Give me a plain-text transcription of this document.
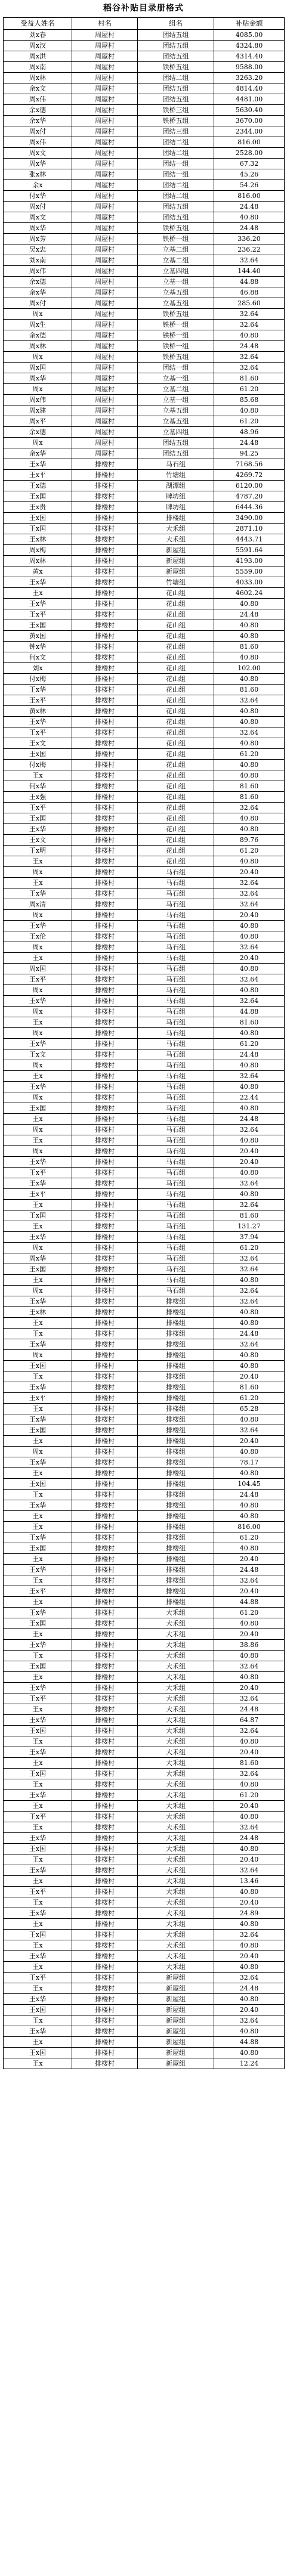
稻谷补贴目录册格式
受益人姓名	村名	组名	补贴金额
刘x春	周屋村	团结五组	4085.00
周x汉	周屋村	团结五组	4324.80
周x洪	周屋村	团结五组	4314.40
周x南	周屋村	铁桥五组	9588.00
周x林	周屋村	团结二组	3263.20
余x文	周屋村	团结五组	4814.40
周x伟	周屋村	团结五组	4481.00
余x德	周屋村	铁桥三组	5630.40
余x华	周屋村	铁桥五组	3670.00
周x付	周屋村	团结三组	2344.00
周x伟	周屋村	团结二组	816.00
周x文	周屋村	团结二组	2528.00
周x华	周屋村	团结一组	67.32
张x林	周屋村	团结一组	45.26
余x	周屋村	团结二组	54.26
付x华	周屋村	团结二组	816.00
周x付	周屋村	团结五组	24.48
周x文	周屋村	团结五组	40.80
周x华	周屋村	铁桥五组	24.48
周x芳	周屋村	铁桥一组	336.20
吴x忠	周屋村	立基二组	236.22
刘x南	周屋村	立基二组	32.64
周x伟	周屋村	立基四组	144.40
余x德	周屋村	立基一组	44.88
余x华	周屋村	立基五组	46.88
周x付	周屋村	立基五组	285.60
周x	周屋村	铁桥五组	32.64
周x生	周屋村	铁桥一组	32.64
余x德	周屋村	铁桥一组	40.80
周x林	周屋村	铁桥一组	24.48
周x	周屋村	铁桥五组	32.64
周x国	周屋村	团结一组	32.64
周x华	周屋村	立基一组	81.60
周x	周屋村	立基二组	61.20
周x伟	周屋村	立基一组	85.68
周x建	周屋村	立基五组	40.80
周x平	周屋村	立基五组	61.20
余x德	周屋村	立基四组	48.96
周x	周屋村	团结五组	24.48
余x华	周屋村	团结五组	94.25
王x华	排楼村	马石组	7168.56
王x平	排楼村	竹塘组	4269.72
王x德	排楼村	湖潭组	6120.00
王x国	排楼村	牌坊组	4787.20
王x贵	排楼村	牌坊组	6444.36
王x国	排楼村	排楼组	3490.00
王x国	排楼村	大禾组	2871.10
王x林	排楼村	大禾组	4443.71
周x梅	排楼村	新屋组	5591.64
周x林	排楼村	新屋组	4193.00
黄x	排楼村	新屋组	5559.00
王x华	排楼村	竹塘组	4033.00
王x	排楼村	花山组	4602.24
王x华	排楼村	花山组	40.80
王x平	排楼村	花山组	24.48
王x国	排楼村	花山组	40.80
黄x国	排楼村	花山组	40.80
钟x华	排楼村	花山组	81.60
何x文	排楼村	花山组	40.80
刘x	排楼村	花山组	102.00
付x梅	排楼村	花山组	40.80
王x华	排楼村	花山组	81.60
王x平	排楼村	花山组	32.64
黄x林	排楼村	花山组	40.80
王x华	排楼村	花山组	40.80
王x平	排楼村	花山组	32.64
王x文	排楼村	花山组	40.80
王x国	排楼村	花山组	61.20
付x梅	排楼村	花山组	40.80
王x	排楼村	花山组	40.80
何x华	排楼村	花山组	81.60
王x强	排楼村	花山组	81.60
王x平	排楼村	花山组	32.64
王x国	排楼村	花山组	40.80
王x华	排楼村	花山组	40.80
王x文	排楼村	花山组	89.76
王x明	排楼村	花山组	61.20
王x	排楼村	花山组	40.80
周x	排楼村	马石组	20.40
王x	排楼村	马石组	32.64
王x华	排楼村	马石组	32.64
周x清	排楼村	马石组	32.64
周x	排楼村	马石组	20.40
王x华	排楼村	马石组	40.80
王x伦	排楼村	马石组	40.80
周x	排楼村	马石组	32.64
王x	排楼村	马石组	20.40
周x国	排楼村	马石组	40.80
王x平	排楼村	马石组	32.64
周x	排楼村	马石组	40.80
王x华	排楼村	马石组	32.64
周x	排楼村	马石组	44.88
王x	排楼村	马石组	81.60
周x	排楼村	马石组	40.80
王x华	排楼村	马石组	61.20
王x文	排楼村	马石组	24.48
周x	排楼村	马石组	40.80
王x	排楼村	马石组	32.64
王x华	排楼村	马石组	40.80
周x	排楼村	马石组	22.44
王x国	排楼村	马石组	40.80
王x	排楼村	马石组	24.48
周x	排楼村	马石组	32.64
王x	排楼村	马石组	40.80
周x	排楼村	马石组	20.40
王x华	排楼村	马石组	20.40
王x平	排楼村	马石组	40.80
王x华	排楼村	马石组	32.64
王x平	排楼村	马石组	40.80
王x	排楼村	马石组	32.64
王x国	排楼村	马石组	81.60
王x	排楼村	马石组	131.27
王x华	排楼村	马石组	37.94
周x	排楼村	马石组	61.20
周x华	排楼村	马石组	32.64
王x国	排楼村	马石组	32.64
王x	排楼村	马石组	40.80
周x	排楼村	马石组	32.64
王x华	排楼村	排楼组	32.64
王x林	排楼村	排楼组	40.80
王x	排楼村	排楼组	40.80
王x	排楼村	排楼组	24.48
王x华	排楼村	排楼组	32.64
周x	排楼村	排楼组	40.80
王x国	排楼村	排楼组	40.80
王x	排楼村	排楼组	20.40
王x华	排楼村	排楼组	81.60
王x平	排楼村	排楼组	61.20
王x	排楼村	排楼组	65.28
王x华	排楼村	排楼组	40.80
王x国	排楼村	排楼组	32.64
王x	排楼村	排楼组	20.40
周x	排楼村	排楼组	40.80
王x华	排楼村	排楼组	78.17
王x	排楼村	排楼组	40.80
王x国	排楼村	排楼组	104.45
王x	排楼村	排楼组	24.48
王x华	排楼村	排楼组	40.80
王x	排楼村	排楼组	40.80
王x	排楼村	排楼组	816.00
王x华	排楼村	排楼组	61.20
王x国	排楼村	排楼组	40.80
王x	排楼村	排楼组	20.40
王x华	排楼村	排楼组	24.48
王x	排楼村	排楼组	32.64
王x平	排楼村	排楼组	20.40
王x	排楼村	排楼组	44.88
王x华	排楼村	大禾组	61.20
王x国	排楼村	大禾组	40.80
王x	排楼村	大禾组	20.40
王x华	排楼村	大禾组	38.86
王x	排楼村	大禾组	40.80
王x国	排楼村	大禾组	32.64
王x	排楼村	大禾组	40.80
王x华	排楼村	大禾组	20.40
王x平	排楼村	大禾组	32.64
王x	排楼村	大禾组	24.48
王x华	排楼村	大禾组	64.87
王x国	排楼村	大禾组	32.64
王x	排楼村	大禾组	40.80
王x华	排楼村	大禾组	20.40
王x	排楼村	大禾组	81.60
王x国	排楼村	大禾组	32.64
王x	排楼村	大禾组	40.80
王x华	排楼村	大禾组	61.20
王x	排楼村	大禾组	20.40
王x平	排楼村	大禾组	40.80
王x	排楼村	大禾组	32.64
王x华	排楼村	大禾组	24.48
王x国	排楼村	大禾组	40.80
王x	排楼村	大禾组	20.40
王x华	排楼村	大禾组	32.64
王x	排楼村	大禾组	13.46
王x平	排楼村	大禾组	40.80
王x	排楼村	大禾组	20.40
王x华	排楼村	大禾组	24.89
王x	排楼村	大禾组	40.80
王x国	排楼村	大禾组	32.64
王x	排楼村	大禾组	40.80
王x华	排楼村	大禾组	20.40
王x	排楼村	大禾组	40.80
王x平	排楼村	新屋组	32.64
王x	排楼村	新屋组	24.48
王x华	排楼村	新屋组	40.80
王x国	排楼村	新屋组	20.40
王x	排楼村	新屋组	32.64
王x华	排楼村	新屋组	40.80
王x	排楼村	新屋组	44.88
王x国	排楼村	新屋组	40.80
王x	排楼村	新屋组	12.24
